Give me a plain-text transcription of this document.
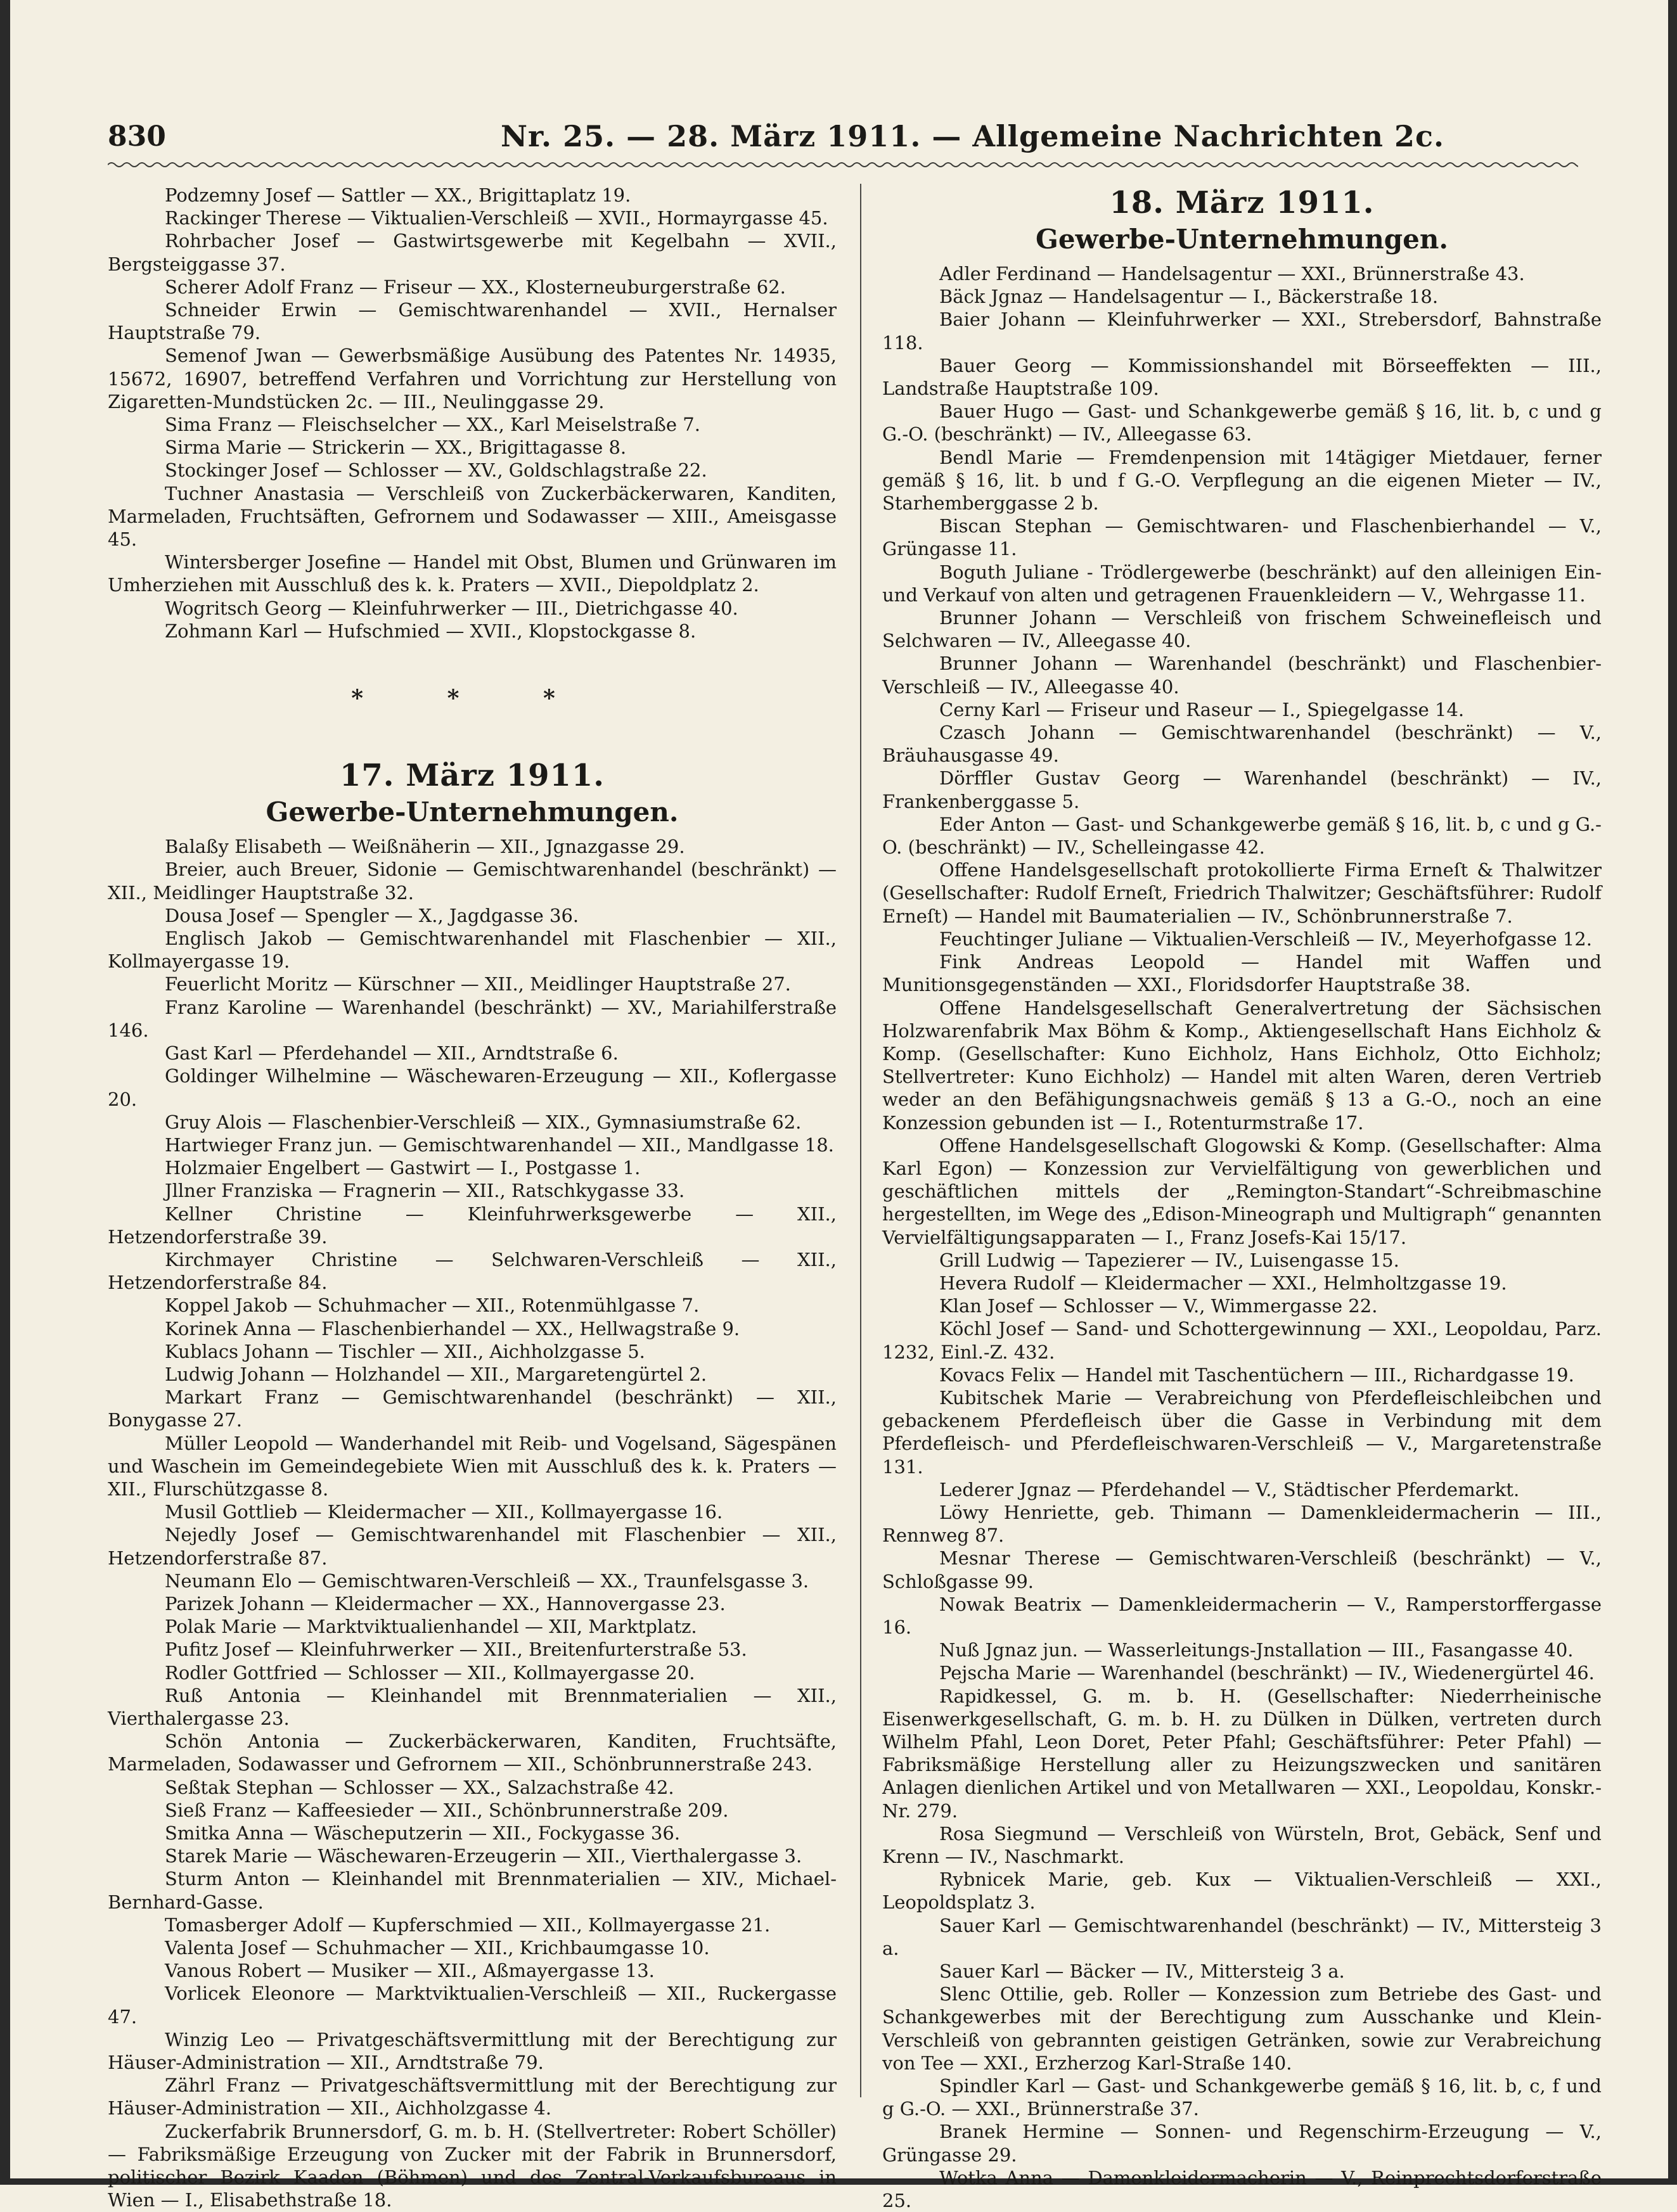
830	Nr. 25. — 28. März 1911. — Allgemeine Nachrichten 2c.

Podzemny Josef — Sattler — XX., Brigittaplatz 19.

Rackinger Therese — Viktualien-Verschleiß — XVII., Hormayrgasse 45.

Rohrbacher Josef — Gastwirtsgewerbe mit Kegelbahn — XVII., Bergsteiggasse 37.

Scherer Adolf Franz — Friseur — XX., Klosterneuburgerstraße 62.

Schneider Erwin — Gemischtwarenhandel — XVII., Hernalser Hauptstraße 79.

Semenof Jwan — Gewerbsmäßige Ausübung des Patentes Nr. 14935, 15672, 16907, betreffend Verfahren und Vorrichtung zur Herstellung von Zigaretten-Mundstücken 2c. — III., Neulinggasse 29.

Sima Franz — Fleischselcher — XX., Karl Meiselstraße 7.

Sirma Marie — Strickerin — XX., Brigittagasse 8.

Stockinger Josef — Schlosser — XV., Goldschlagstraße 22.

Tuchner Anastasia — Verschleiß von Zuckerbäckerwaren, Kanditen, Marmeladen, Fruchtsäften, Gefrornem und Sodawasser — XIII., Ameisgasse 45.

Wintersberger Josefine — Handel mit Obst, Blumen und Grünwaren im Umherziehen mit Ausschluß des k. k. Praters — XVII., Diepoldplatz 2.

Wogritsch Georg — Kleinfuhrwerker — III., Dietrichgasse 40.

Zohmann Karl — Hufschmied — XVII., Klopstockgasse 8.

* * *
17. März 1911.
Gewerbe-Unternehmungen.

Balaßy Elisabeth — Weißnäherin — XII., Jgnazgasse 29.

Breier, auch Breuer, Sidonie — Gemischtwarenhandel (beschränkt) — XII., Meidlinger Hauptstraße 32.

Dousa Josef — Spengler — X., Jagdgasse 36.

Englisch Jakob — Gemischtwarenhandel mit Flaschenbier — XII., Kollmayergasse 19.

Feuerlicht Moritz — Kürschner — XII., Meidlinger Hauptstraße 27.

Franz Karoline — Warenhandel (beschränkt) — XV., Mariahilferstraße 146.

Gast Karl — Pferdehandel — XII., Arndtstraße 6.

Goldinger Wilhelmine — Wäschewaren-Erzeugung — XII., Koflergasse 20.

Gruy Alois — Flaschenbier-Verschleiß — XIX., Gymnasiumstraße 62.

Hartwieger Franz jun. — Gemischtwarenhandel — XII., Mandlgasse 18.

Holzmaier Engelbert — Gastwirt — I., Postgasse 1.

Jllner Franziska — Fragnerin — XII., Ratschkygasse 33.

Kellner Christine — Kleinfuhrwerksgewerbe — XII., Hetzendorferstraße 39.

Kirchmayer Christine — Selchwaren-Verschleiß — XII., Hetzendorferstraße 84.

Koppel Jakob — Schuhmacher — XII., Rotenmühlgasse 7.

Korinek Anna — Flaschenbierhandel — XX., Hellwagstraße 9.

Kublacs Johann — Tischler — XII., Aichholzgasse 5.

Ludwig Johann — Holzhandel — XII., Margaretengürtel 2.

Markart Franz — Gemischtwarenhandel (beschränkt) — XII., Bonygasse 27.

Müller Leopold — Wanderhandel mit Reib- und Vogelsand, Sägespänen und Waschein im Gemeindegebiete Wien mit Ausschluß des k. k. Praters — XII., Flurschützgasse 8.

Musil Gottlieb — Kleidermacher — XII., Kollmayergasse 16.

Nejedly Josef — Gemischtwarenhandel mit Flaschenbier — XII., Hetzendorferstraße 87.

Neumann Elo — Gemischtwaren-Verschleiß — XX., Traunfelsgasse 3.

Parizek Johann — Kleidermacher — XX., Hannovergasse 23.

Polak Marie — Marktviktualienhandel — XII, Marktplatz.

Pufitz Josef — Kleinfuhrwerker — XII., Breitenfurterstraße 53.

Rodler Gottfried — Schlosser — XII., Kollmayergasse 20.

Ruß Antonia — Kleinhandel mit Brennmaterialien — XII., Vierthalergasse 23.

Schön Antonia — Zuckerbäckerwaren, Kanditen, Fruchtsäfte, Marmeladen, Sodawasser und Gefrornem — XII., Schönbrunnerstraße 243.

Seßtak Stephan — Schlosser — XX., Salzachstraße 42.

Sieß Franz — Kaffeesieder — XII., Schönbrunnerstraße 209.

Smitka Anna — Wäscheputzerin — XII., Fockygasse 36.

Starek Marie — Wäschewaren-Erzeugerin — XII., Vierthalergasse 3.

Sturm Anton — Kleinhandel mit Brennmaterialien — XIV., Michael-Bernhard-Gasse.

Tomasberger Adolf — Kupferschmied — XII., Kollmayergasse 21.

Valenta Josef — Schuhmacher — XII., Krichbaumgasse 10.

Vanous Robert — Musiker — XII., Aßmayergasse 13.

Vorlicek Eleonore — Marktviktualien-Verschleiß — XII., Ruckergasse 47.

Winzig Leo — Privatgeschäftsvermittlung mit der Berechtigung zur Häuser-Administration — XII., Arndtstraße 79.

Zährl Franz — Privatgeschäftsvermittlung mit der Berechtigung zur Häuser-Administration — XII., Aichholzgasse 4.

Zuckerfabrik Brunnersdorf, G. m. b. H. (Stellvertreter: Robert Schöller) — Fabriksmäßige Erzeugung von Zucker mit der Fabrik in Brunnersdorf, politischer Bezirk Kaaden (Böhmen) und des Zentral-Verkaufsbureaus in Wien — I., Elisabethstraße 18.

18. März 1911.
Gewerbe-Unternehmungen.

Adler Ferdinand — Handelsagentur — XXI., Brünnerstraße 43.

Bäck Jgnaz — Handelsagentur — I., Bäckerstraße 18.

Baier Johann — Kleinfuhrwerker — XXI., Strebersdorf, Bahnstraße 118.

Bauer Georg — Kommissionshandel mit Börseeffekten — III., Landstraße Hauptstraße 109.

Bauer Hugo — Gast- und Schankgewerbe gemäß § 16, lit. b, c und g G.-O. (beschränkt) — IV., Alleegasse 63.

Bendl Marie — Fremdenpension mit 14tägiger Mietdauer, ferner gemäß § 16, lit. b und f G.-O. Verpflegung an die eigenen Mieter — IV., Starhemberggasse 2 b.

Biscan Stephan — Gemischtwaren- und Flaschenbierhandel — V., Grüngasse 11.

Boguth Juliane - Trödlergewerbe (beschränkt) auf den alleinigen Ein- und Verkauf von alten und getragenen Frauenkleidern — V., Wehrgasse 11.

Brunner Johann — Verschleiß von frischem Schweinefleisch und Selchwaren — IV., Alleegasse 40.

Brunner Johann — Warenhandel (beschränkt) und Flaschenbier-Verschleiß — IV., Alleegasse 40.

Cerny Karl — Friseur und Raseur — I., Spiegelgasse 14.

Czasch Johann — Gemischtwarenhandel (beschränkt) — V., Bräuhausgasse 49.

Dörffler Gustav Georg — Warenhandel (beschränkt) — IV., Frankenberggasse 5.

Eder Anton — Gast- und Schankgewerbe gemäß § 16, lit. b, c und g G.-O. (beschränkt) — IV., Schelleingasse 42.

Offene Handelsgesellschaft protokollierte Firma Erneſt & Thalwitzer (Gesellschafter: Rudolf Erneſt, Friedrich Thalwitzer; Geschäftsführer: Rudolf Erneſt) — Handel mit Baumaterialien — IV., Schönbrunnerstraße 7.

Feuchtinger Juliane — Viktualien-Verschleiß — IV., Meyerhofgasse 12.

Fink Andreas Leopold — Handel mit Waffen und Munitionsgegenständen — XXI., Floridsdorfer Hauptstraße 38.

Offene Handelsgesellschaft Generalvertretung der Sächsischen Holzwarenfabrik Max Böhm & Komp., Aktiengesellschaft Hans Eichholz & Komp. (Gesellschafter: Kuno Eichholz, Hans Eichholz, Otto Eichholz; Stellvertreter: Kuno Eichholz) — Handel mit alten Waren, deren Vertrieb weder an den Befähigungsnachweis gemäß § 13 a G.-O., noch an eine Konzession gebunden ist — I., Rotenturmstraße 17.

Offene Handelsgesellschaft Glogowski & Komp. (Gesellschafter: Alma Karl Egon) — Konzession zur Vervielfältigung von gewerblichen und geschäftlichen mittels der „Remington-Standart“-Schreibmaschine hergestellten, im Wege des „Edison-Mineograph und Multigraph“ genannten Vervielfältigungsapparaten — I., Franz Josefs-Kai 15/17.

Grill Ludwig — Tapezierer — IV., Luisengasse 15.

Hevera Rudolf — Kleidermacher — XXI., Helmholtzgasse 19.

Klan Josef — Schlosser — V., Wimmergasse 22.

Köchl Josef — Sand- und Schottergewinnung — XXI., Leopoldau, Parz. 1232, Einl.-Z. 432.

Kovacs Felix — Handel mit Taschentüchern — III., Richardgasse 19.

Kubitschek Marie — Verabreichung von Pferdefleischleibchen und gebackenem Pferdefleisch über die Gasse in Verbindung mit dem Pferdefleisch- und Pferdefleischwaren-Verschleiß — V., Margaretenstraße 131.

Lederer Jgnaz — Pferdehandel — V., Städtischer Pferdemarkt.

Löwy Henriette, geb. Thimann — Damenkleidermacherin — III., Rennweg 87.

Mesnar Therese — Gemischtwaren-Verschleiß (beschränkt) — V., Schloßgasse 99.

Nowak Beatrix — Damenkleidermacherin — V., Ramperstorffergasse 16.

Nuß Jgnaz jun. — Wasserleitungs-Jnstallation — III., Fasangasse 40.

Pejscha Marie — Warenhandel (beschränkt) — IV., Wiedenergürtel 46.

Rapidkessel, G. m. b. H. (Gesellschafter: Niederrheinische Eisenwerkgesellschaft, G. m. b. H. zu Dülken in Dülken, vertreten durch Wilhelm Pfahl, Leon Doret, Peter Pfahl; Geschäftsführer: Peter Pfahl) — Fabriksmäßige Herstellung aller zu Heizungszwecken und sanitären Anlagen dienlichen Artikel und von Metallwaren — XXI., Leopoldau, Konskr.-Nr. 279.

Rosa Siegmund — Verschleiß von Würsteln, Brot, Gebäck, Senf und Krenn — IV., Naschmarkt.

Rybnicek Marie, geb. Kux — Viktualien-Verschleiß — XXI., Leopoldsplatz 3.

Sauer Karl — Gemischtwarenhandel (beschränkt) — IV., Mittersteig 3 a.

Sauer Karl — Bäcker — IV., Mittersteig 3 a.

Slenc Ottilie, geb. Roller — Konzession zum Betriebe des Gast- und Schankgewerbes mit der Berechtigung zum Ausschanke und Klein-Verschleiß von gebrannten geistigen Getränken, sowie zur Verabreichung von Tee — XXI., Erzherzog Karl-Straße 140.

Spindler Karl — Gast- und Schankgewerbe gemäß § 16, lit. b, c, f und g G.-O. — XXI., Brünnerstraße 37.

Branek Hermine — Sonnen- und Regenschirm-Erzeugung — V., Grüngasse 29.

Wotka Anna — Damenkleidermacherin — V., Reinprechtsdorferstraße 25.
